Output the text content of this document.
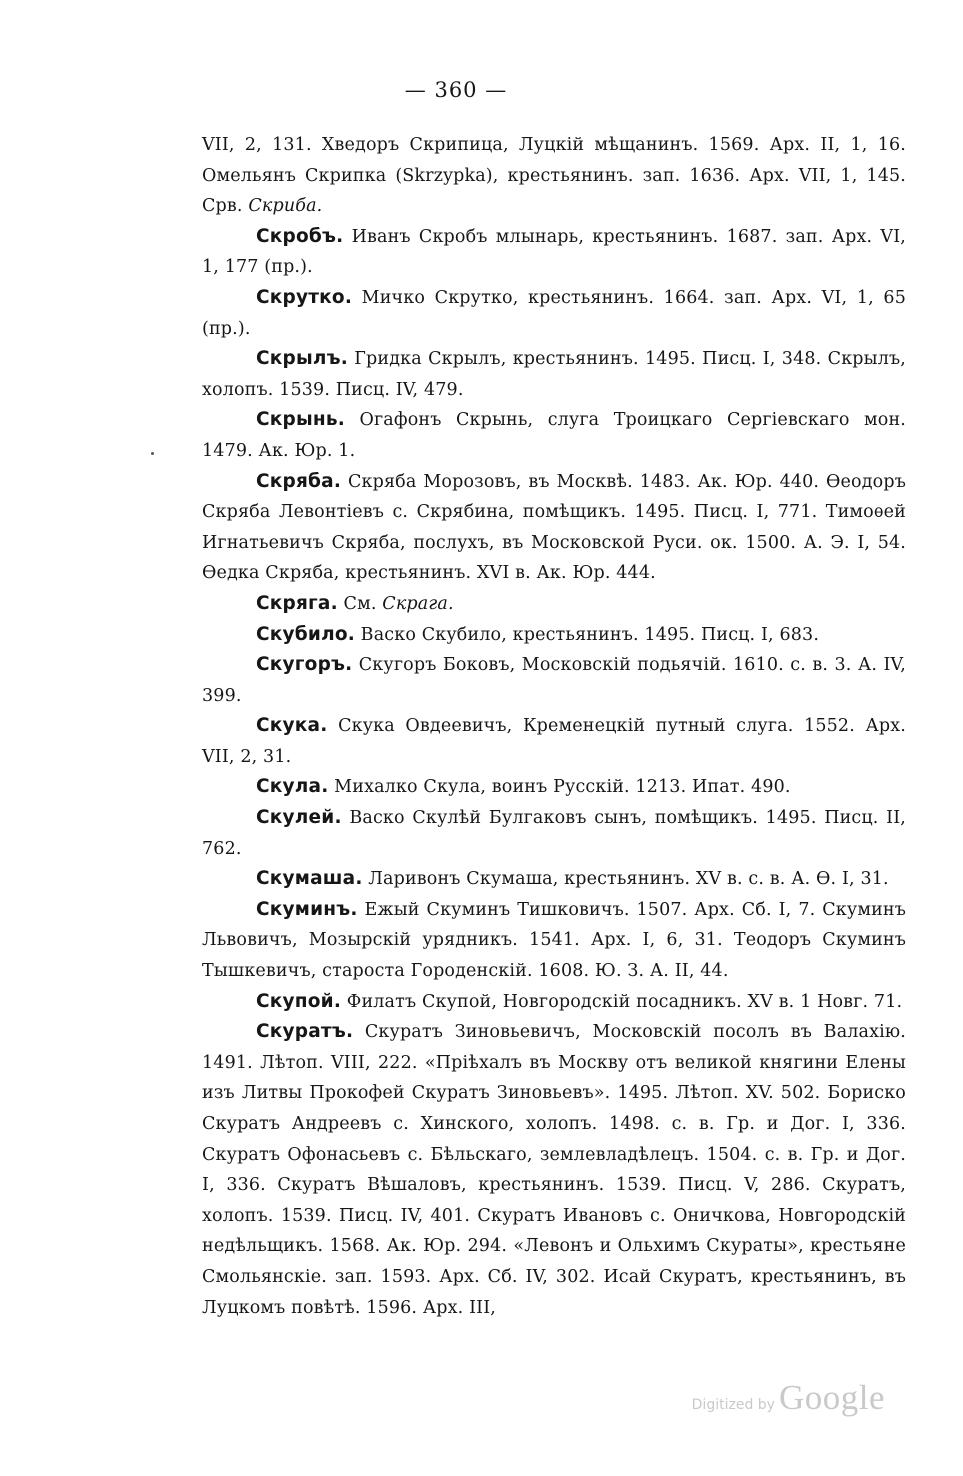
— 360 —

VII, 2, 131. Хведоръ Скрипица, Луцкій мѣщанинъ. 1569. Арх. II, 1, 16. Омельянъ Скрипка (Skrzypka), крестьянинъ. зап. 1636. Арх. VII, 1, 145. Срв. Скриба.

Скробъ. Иванъ Скробъ млынарь, крестьянинъ. 1687. зап. Арх. VI, 1, 177 (пр.).

Скрутко. Мичко Скрутко, крестьянинъ. 1664. зап. Арх. VI, 1, 65 (пр.).

Скрылъ. Гридка Скрылъ, крестьянинъ. 1495. Писц. I, 348. Скрылъ, холопъ. 1539. Писц. IV, 479.

Скрынь. Огафонъ Скрынь, слуга Троицкаго Сергіевскаго мон. 1479. Ак. Юр. 1.

Скряба. Скряба Морозовъ, въ Москвѣ. 1483. Ак. Юр. 440. Ѳеодоръ Скряба Левонтіевъ с. Скрябина, помѣщикъ. 1495. Писц. I, 771. Тимоѳей Игнатьевичъ Скряба, послухъ, въ Московской Руси. ок. 1500. А. Э. I, 54. Ѳедка Скряба, крестьянинъ. XVI в. Ак. Юр. 444.

Скряга. См. Скрага.

Скубило. Васко Скубило, крестьянинъ. 1495. Писц. I, 683.

Скугоръ. Скугоръ Боковъ, Московскій подьячій. 1610. с. в. 3. А. IV, 399.

Скука. Скука Овдеевичъ, Кременецкій путный слуга. 1552. Арх. VII, 2, 31.

Скула. Михалко Скула, воинъ Русскій. 1213. Ипат. 490.

Скулей. Васко Скулѣй Булгаковъ сынъ, помѣщикъ. 1495. Писц. II, 762.

Скумаша. Ларивонъ Скумаша, крестьянинъ. XV в. с. в. А. Ѳ. I, 31.

Скуминъ. Ежый Скуминъ Тишковичъ. 1507. Арх. Сб. I, 7. Скуминъ Львовичъ, Мозырскій урядникъ. 1541. Арх. I, 6, 31. Теодоръ Скуминъ Тышкевичъ, староста Городенскій. 1608. Ю. З. А. II, 44.

Скупой. Филатъ Скупой, Новгородскій посадникъ. XV в. 1 Новг. 71.

Скуратъ. Скуратъ Зиновьевичъ, Московскій посолъ въ Валахію. 1491. Лѣтоп. VIII, 222. «Пріѣхалъ въ Москву отъ великой княгини Елены изъ Литвы Прокофей Скуратъ Зиновьевъ». 1495. Лѣтоп. XV. 502. Бориско Скуратъ Андреевъ с. Хинского, холопъ. 1498. с. в. Гр. и Дог. I, 336. Скуратъ Офонасьевъ с. Бѣльскаго, землевладѣлецъ. 1504. с. в. Гр. и Дог. I, 336. Скуратъ Вѣшаловъ, крестьянинъ. 1539. Писц. V, 286. Скуратъ, холопъ. 1539. Писц. IV, 401. Скуратъ Ивановъ с. Оничкова, Новгородскій недѣльщикъ. 1568. Ак. Юр. 294. «Левонъ и Ольхимъ Скураты», крестьяне Смольянскіе. зап. 1593. Арх. Сб. IV, 302. Исай Скуратъ, крестьянинъ, въ Луцкомъ повѣтѣ. 1596. Арх. III,

Digitized by Google
